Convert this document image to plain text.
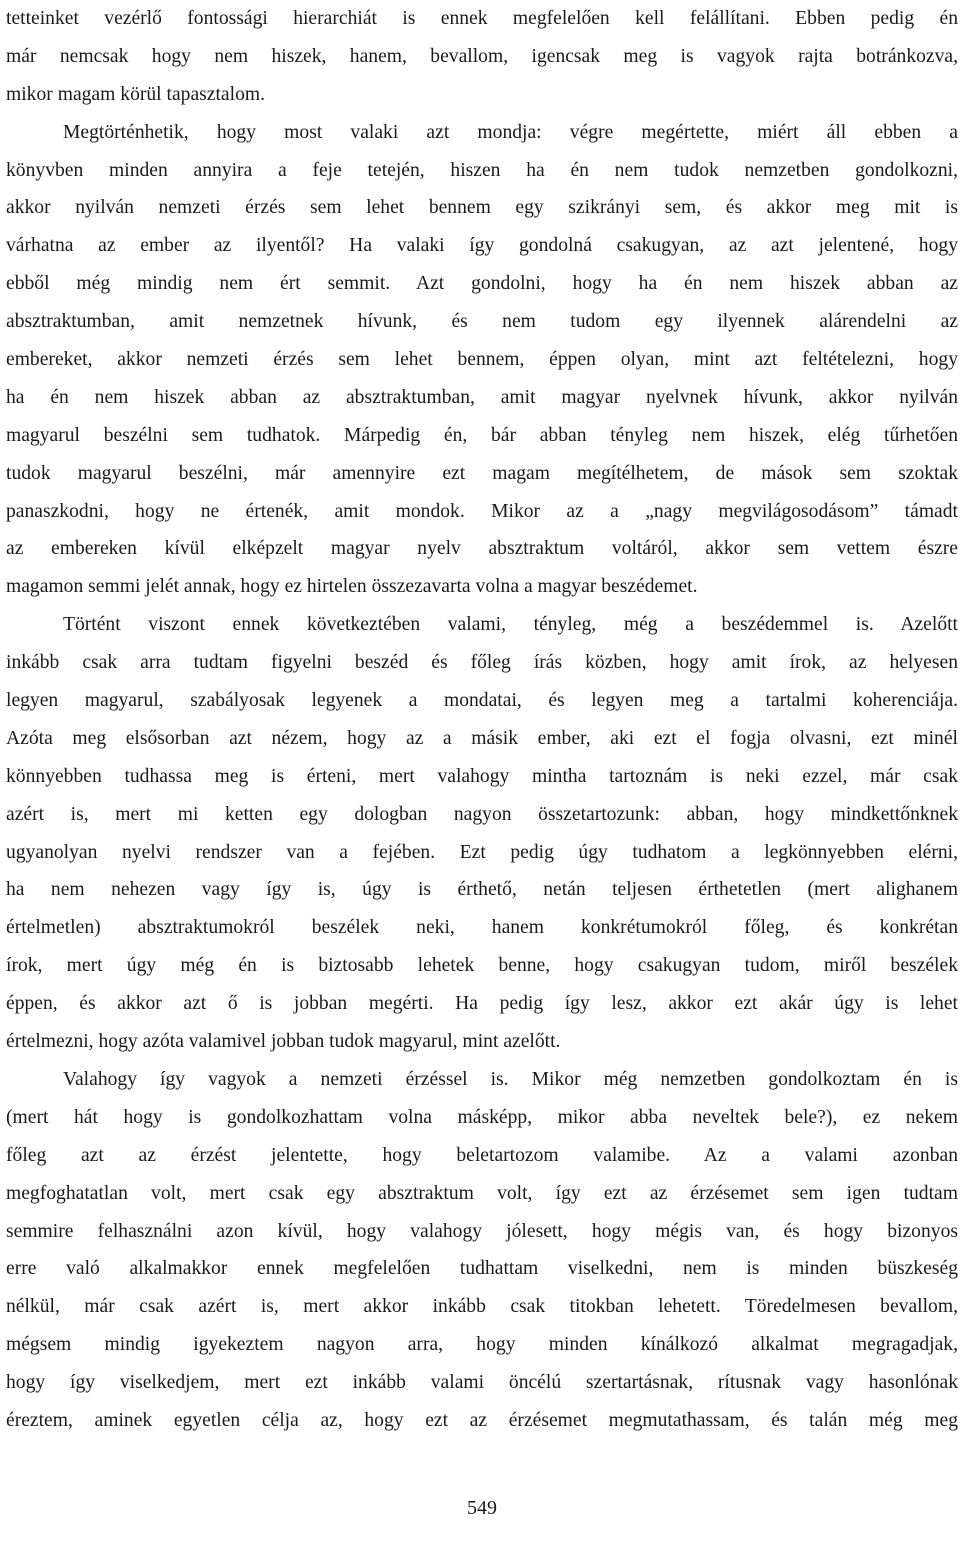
tetteinket vezérlő fontossági hierarchiát is ennek megfelelően kell felállítani. Ebben pedig én
már nemcsak hogy nem hiszek, hanem, bevallom, igencsak meg is vagyok rajta botránkozva,
mikor magam körül tapasztalom.
Megtörténhetik, hogy most valaki azt mondja: végre megértette, miért áll ebben a
könyvben minden annyira a feje tetején, hiszen ha én nem tudok nemzetben gondolkozni,
akkor nyilván nemzeti érzés sem lehet bennem egy szikrányi sem, és akkor meg mit is
várhatna az ember az ilyentől? Ha valaki így gondolná csakugyan, az azt jelentené, hogy
ebből még mindig nem ért semmit. Azt gondolni, hogy ha én nem hiszek abban az
absztraktumban, amit nemzetnek hívunk, és nem tudom egy ilyennek alárendelni az
embereket, akkor nemzeti érzés sem lehet bennem, éppen olyan, mint azt feltételezni, hogy
ha én nem hiszek abban az absztraktumban, amit magyar nyelvnek hívunk, akkor nyilván
magyarul beszélni sem tudhatok. Márpedig én, bár abban tényleg nem hiszek, elég tűrhetően
tudok magyarul beszélni, már amennyire ezt magam megítélhetem, de mások sem szoktak
panaszkodni, hogy ne értenék, amit mondok. Mikor az a „nagy megvilágosodásom” támadt
az embereken kívül elképzelt magyar nyelv absztraktum voltáról, akkor sem vettem észre
magamon semmi jelét annak, hogy ez hirtelen összezavarta volna a magyar beszédemet.
Történt viszont ennek következtében valami, tényleg, még a beszédemmel is. Azelőtt
inkább csak arra tudtam figyelni beszéd és főleg írás közben, hogy amit írok, az helyesen
legyen magyarul, szabályosak legyenek a mondatai, és legyen meg a tartalmi koherenciája.
Azóta meg elsősorban azt nézem, hogy az a másik ember, aki ezt el fogja olvasni, ezt minél
könnyebben tudhassa meg is érteni, mert valahogy mintha tartoznám is neki ezzel, már csak
azért is, mert mi ketten egy dologban nagyon összetartozunk: abban, hogy mindkettőnknek
ugyanolyan nyelvi rendszer van a fejében. Ezt pedig úgy tudhatom a legkönnyebben elérni,
ha nem nehezen vagy így is, úgy is érthető, netán teljesen érthetetlen (mert alighanem
értelmetlen) absztraktumokról beszélek neki, hanem konkrétumokról főleg, és konkrétan
írok, mert úgy még én is biztosabb lehetek benne, hogy csakugyan tudom, miről beszélek
éppen, és akkor azt ő is jobban megérti. Ha pedig így lesz, akkor ezt akár úgy is lehet
értelmezni, hogy azóta valamivel jobban tudok magyarul, mint azelőtt.
Valahogy így vagyok a nemzeti érzéssel is. Mikor még nemzetben gondolkoztam én is
(mert hát hogy is gondolkozhattam volna másképp, mikor abba neveltek bele?), ez nekem
főleg azt az érzést jelentette, hogy beletartozom valamibe. Az a valami azonban
megfoghatatlan volt, mert csak egy absztraktum volt, így ezt az érzésemet sem igen tudtam
semmire felhasználni azon kívül, hogy valahogy jólesett, hogy mégis van, és hogy bizonyos
erre való alkalmakkor ennek megfelelően tudhattam viselkedni, nem is minden büszkeség
nélkül, már csak azért is, mert akkor inkább csak titokban lehetett. Töredelmesen bevallom,
mégsem mindig igyekeztem nagyon arra, hogy minden kínálkozó alkalmat megragadjak,
hogy így viselkedjem, mert ezt inkább valami öncélú szertartásnak, rítusnak vagy hasonlónak
éreztem, aminek egyetlen célja az, hogy ezt az érzésemet megmutathassam, és talán még meg
549
